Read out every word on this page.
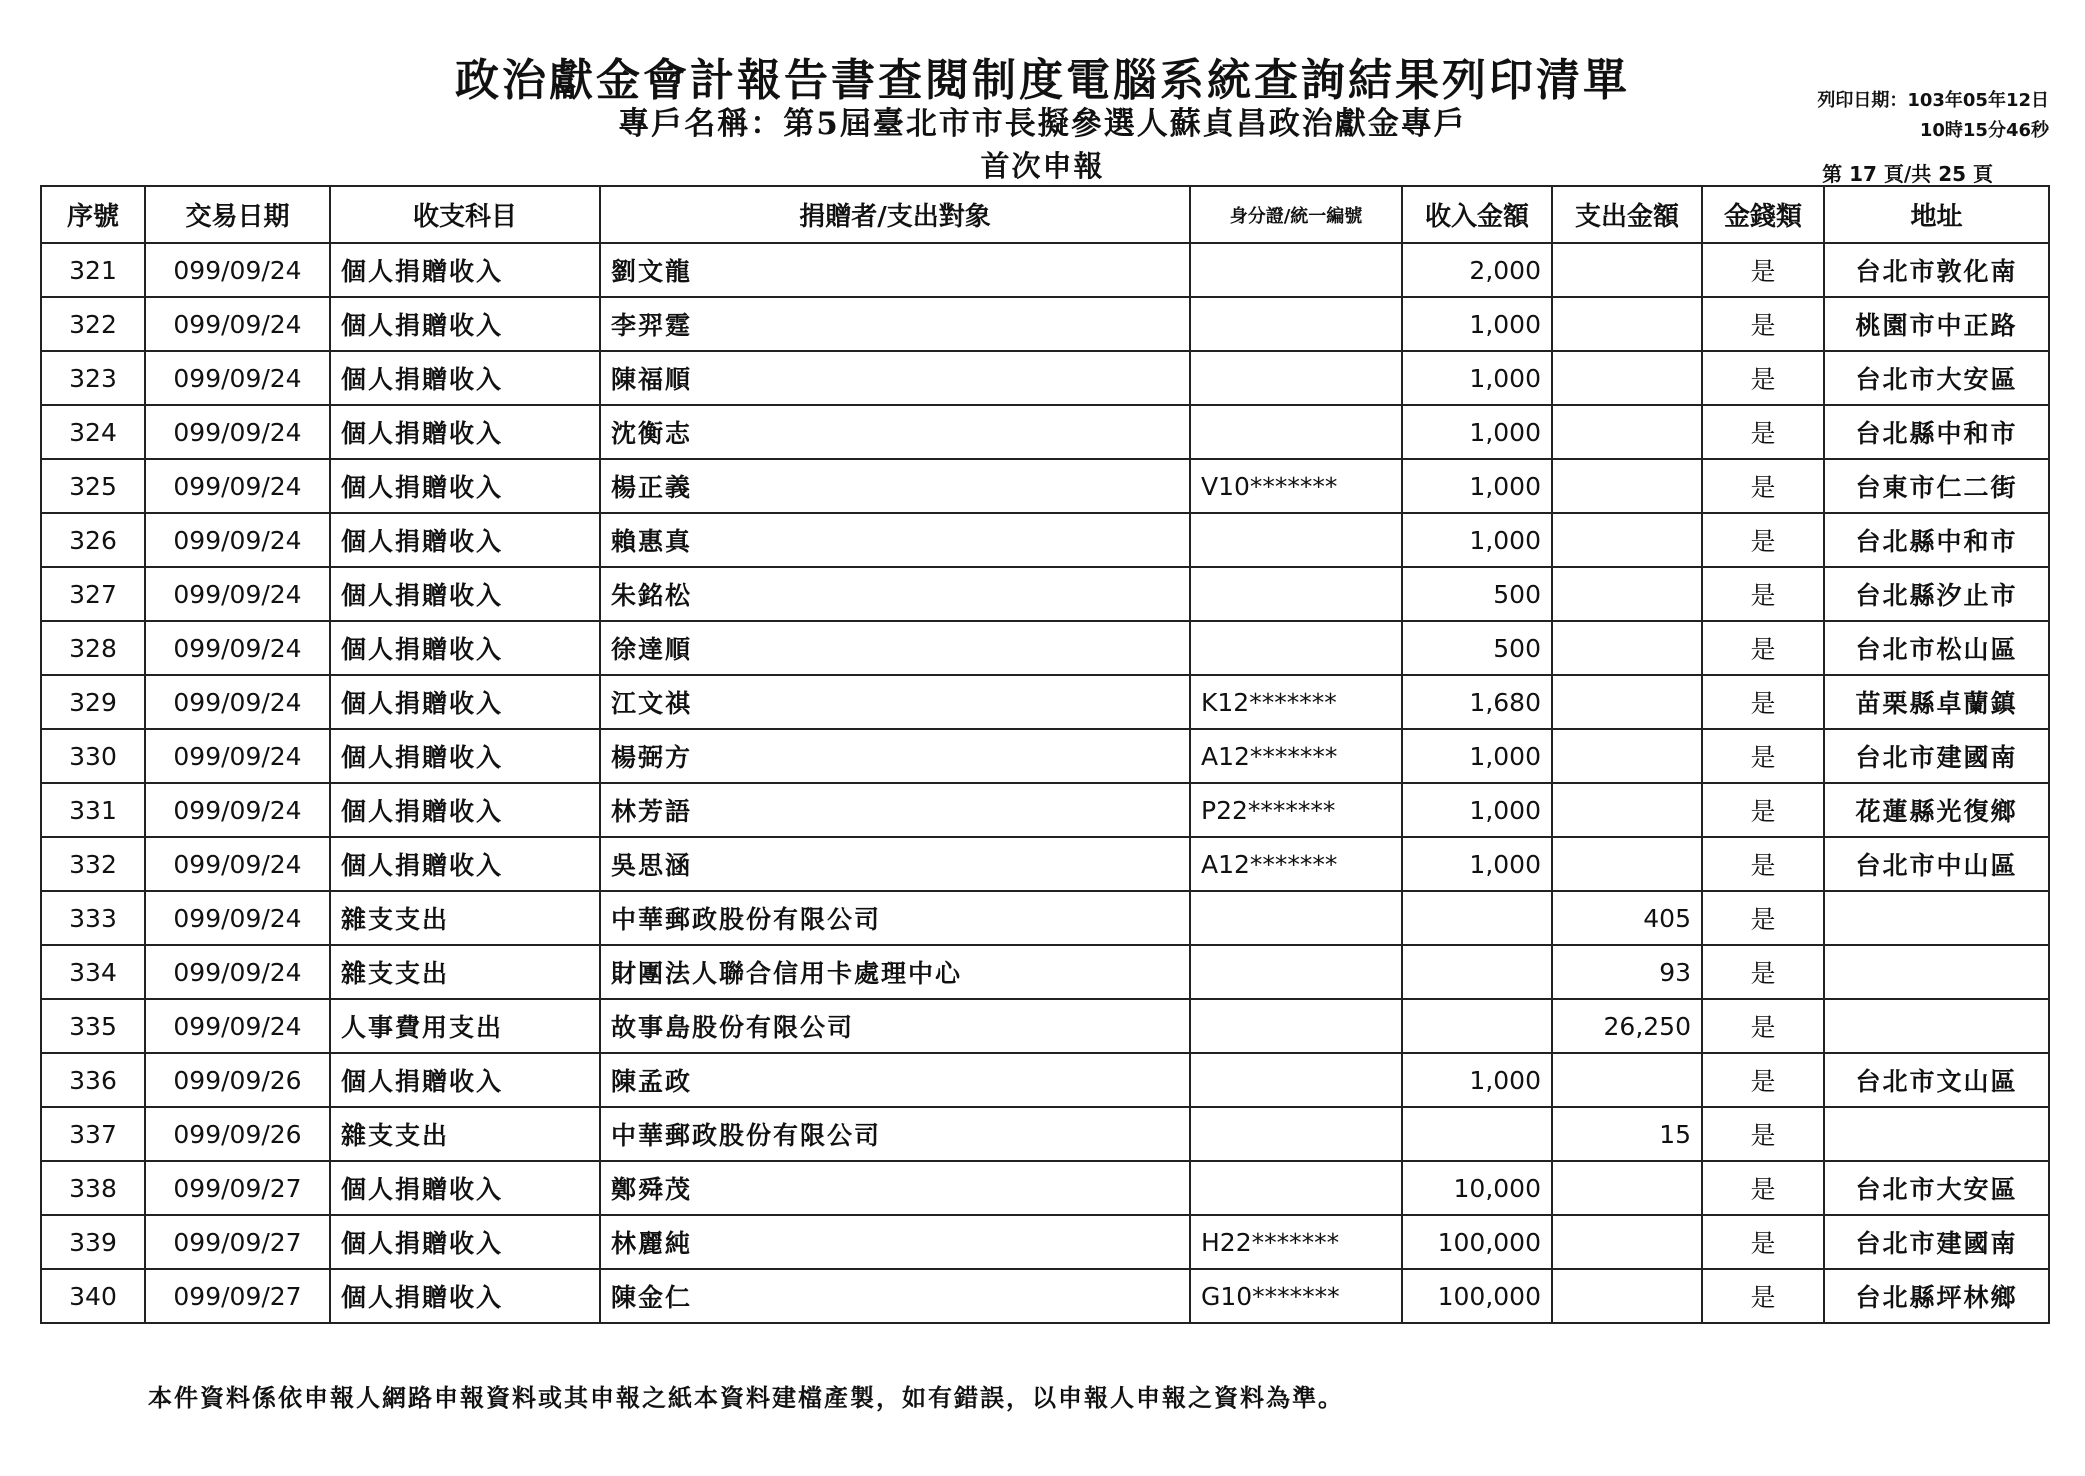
政治獻金會計報告書查閱制度電腦系統查詢結果列印清單
專戶名稱：第5屆臺北市市長擬參選人蘇貞昌政治獻金專戶
首次申報
列印日期：103年05年12日
10時15分46秒
第 17 頁/共 25 頁
序號	交易日期	收支科目	捐贈者/支出對象	身分證/統一編號	收入金額	支出金額	金錢類	地址
321	099/09/24	個人捐贈收入	劉文龍		2,000		是	台北市敦化南
322	099/09/24	個人捐贈收入	李羿霆		1,000		是	桃園市中正路
323	099/09/24	個人捐贈收入	陳福順		1,000		是	台北市大安區
324	099/09/24	個人捐贈收入	沈衡志		1,000		是	台北縣中和市
325	099/09/24	個人捐贈收入	楊正義	V10*******	1,000		是	台東市仁二街
326	099/09/24	個人捐贈收入	賴惠真		1,000		是	台北縣中和市
327	099/09/24	個人捐贈收入	朱銘松		500		是	台北縣汐止市
328	099/09/24	個人捐贈收入	徐達順		500		是	台北市松山區
329	099/09/24	個人捐贈收入	江文祺	K12*******	1,680		是	苗栗縣卓蘭鎮
330	099/09/24	個人捐贈收入	楊弼方	A12*******	1,000		是	台北市建國南
331	099/09/24	個人捐贈收入	林芳語	P22*******	1,000		是	花蓮縣光復鄉
332	099/09/24	個人捐贈收入	吳思涵	A12*******	1,000		是	台北市中山區
333	099/09/24	雜支支出	中華郵政股份有限公司			405	是	
334	099/09/24	雜支支出	財團法人聯合信用卡處理中心			93	是	
335	099/09/24	人事費用支出	故事島股份有限公司			26,250	是	
336	099/09/26	個人捐贈收入	陳孟政		1,000		是	台北市文山區
337	099/09/26	雜支支出	中華郵政股份有限公司			15	是	
338	099/09/27	個人捐贈收入	鄭舜茂		10,000		是	台北市大安區
339	099/09/27	個人捐贈收入	林麗純	H22*******	100,000		是	台北市建國南
340	099/09/27	個人捐贈收入	陳金仁	G10*******	100,000		是	台北縣坪林鄉
本件資料係依申報人網路申報資料或其申報之紙本資料建檔產製，如有錯誤，以申報人申報之資料為準。
